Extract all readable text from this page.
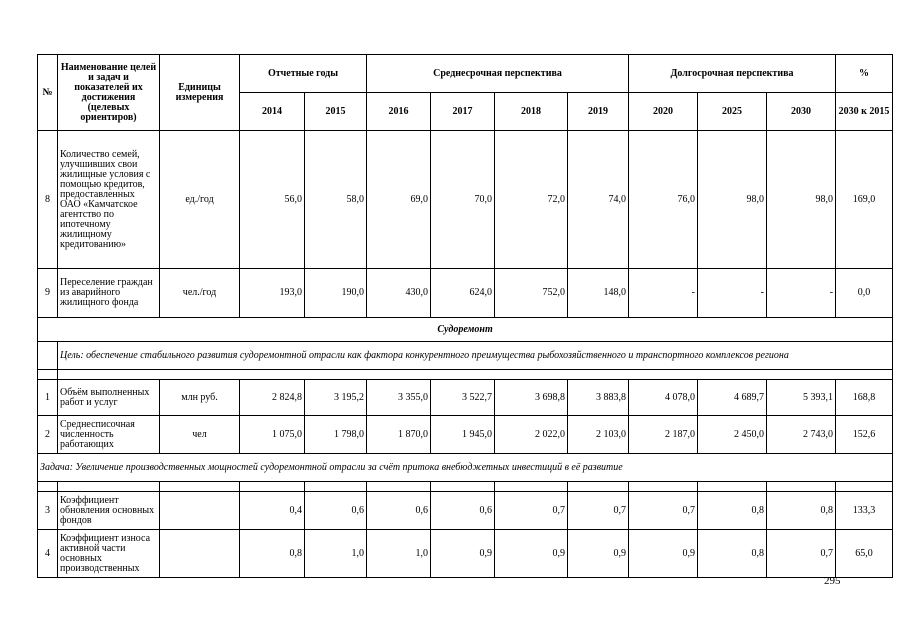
№	Наименование целей и задач и показателей их достижения (целевых ориентиров)	Единицы измерения	Отчетные годы		Среднесрочная перспектива				Долгосрочная перспектива			%
			2014	2015	2016	2017	2018	2019	2020	2025	2030	2030 к 2015
8	Количество семей, улучшивших свои жилищные условия с помощью кредитов, предоставленных ОАО «Камчатское агентство по ипотечному жилищному кредитованию»	ед./год	56,0	58,0	69,0	70,0	72,0	74,0	76,0	98,0	98,0	169,0
9	Переселение граждан из аварийного жилищного фонда	чел./год	193,0	190,0	430,0	624,0	752,0	148,0	-	-	-	0,0
Судоремонт												
	Цель: обеспечение стабильного развития судоремонтной отрасли как фактора конкурентного преимущества рыбохозяйственного и транспортного комплексов региона											

1	Объём выполненных работ и услуг	млн руб.	2 824,8	3 195,2	3 355,0	3 522,7	3 698,8	3 883,8	4 078,0	4 689,7	5 393,1	168,8
2	Среднесписочная численность работающих	чел	1 075,0	1 798,0	1 870,0	1 945,0	2 022,0	2 103,0	2 187,0	2 450,0	2 743,0	152,6
Задача: Увеличение производственных мощностей судоремонтной отрасли за счёт притока внебюджетных инвестиций в её развитие												

3	Коэффициент обновления основных фондов		0,4	0,6	0,6	0,6	0,7	0,7	0,7	0,8	0,8	133,3
4	Коэффициент износа активной части основных производственных		0,8	1,0	1,0	0,9	0,9	0,9	0,9	0,8	0,7	65,0
295
